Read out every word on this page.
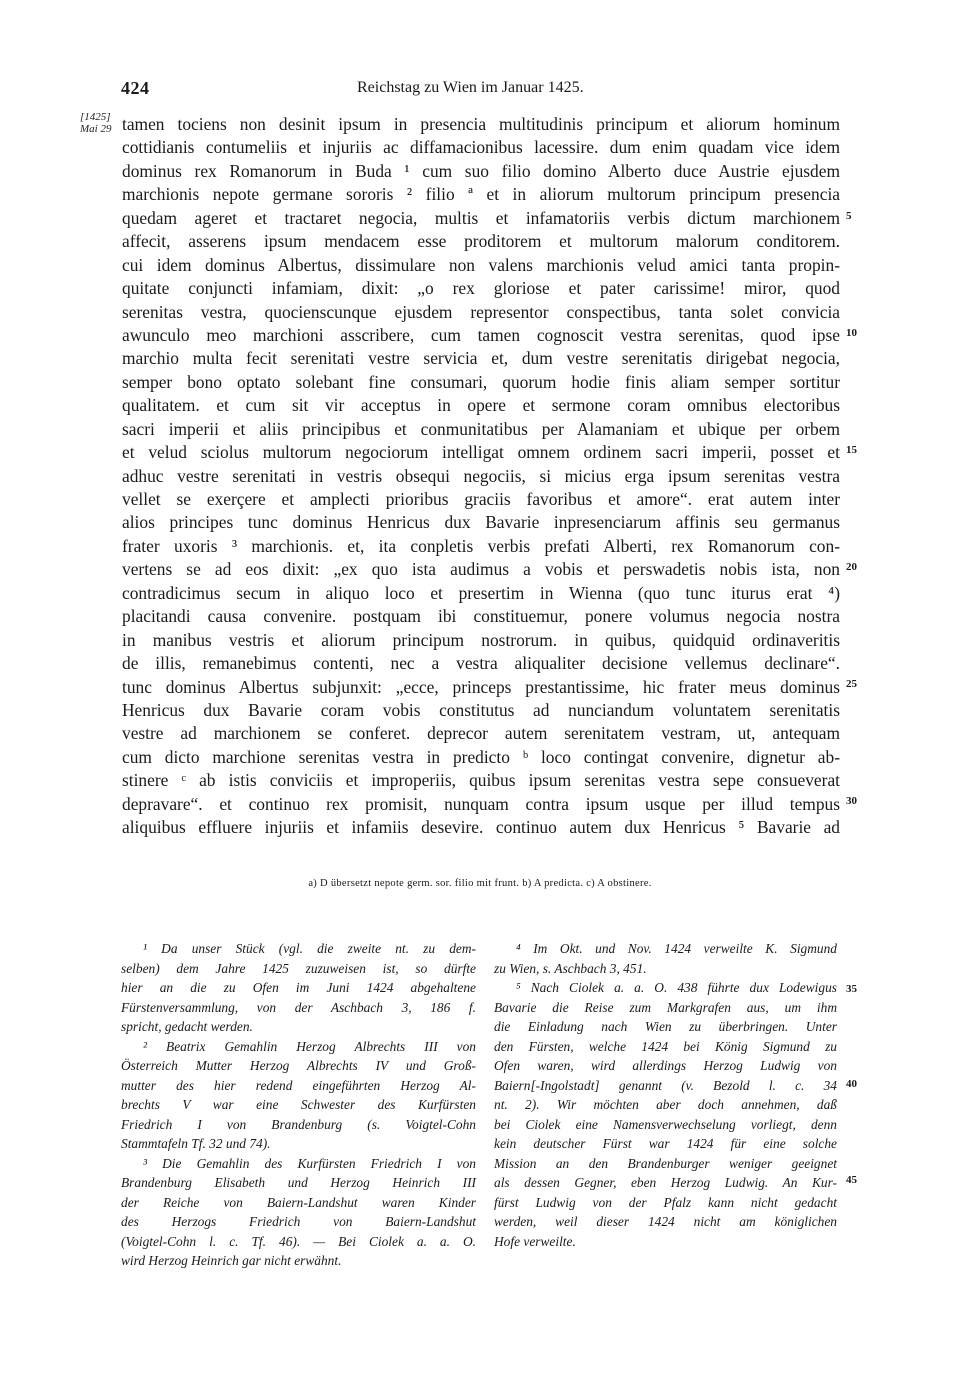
424	Reichstag zu Wien im Januar 1425.
[1425]
Mai 29 tamen tociens non desinit ipsum in presencia multitudinis principum et aliorum hominum
cottidianis contumeliis et injuriis ac diffamacionibus lacessire. dum enim quadam vice idem
dominus rex Romanorum in Buda ¹ cum suo filio domino Alberto duce Austrie ejusdem
marchionis nepote germane sororis ² filio ª et in aliorum multorum principum presencia
quedam ageret et tractaret negocia, multis et infamatoriis verbis dictum marchionem
affecit, asserens ipsum mendacem esse proditorem et multorum malorum conditorem.
cui idem dominus Albertus, dissimulare non valens marchionis velud amici tanta propin-
quitate conjuncti infamiam, dixit: „o rex gloriose et pater carissime! miror, quod
serenitas vestra, quocienscunque ejusdem representor conspectibus, tanta solet convicia
awunculo meo marchioni asscribere, cum tamen cognoscit vestra serenitas, quod ipse
marchio multa fecit serenitati vestre servicia et, dum vestre serenitatis dirigebat negocia,
semper bono optato solebant fine consumari, quorum hodie finis aliam semper sortitur
qualitatem. et cum sit vir acceptus in opere et sermone coram omnibus electoribus
sacri imperii et aliis principibus et conmunitatibus per Alamaniam et ubique per orbem
et velud sciolus multorum negociorum intelligat omnem ordinem sacri imperii, posset et
adhuc vestre serenitati in vestris obsequi negociis, si micius erga ipsum serenitas vestra
vellet se exerçere et amplecti prioribus graciis favoribus et amore“. erat autem inter
alios principes tunc dominus Henricus dux Bavarie inpresenciarum affinis seu germanus
frater uxoris ³ marchionis. et, ita conpletis verbis prefati Alberti, rex Romanorum con-
vertens se ad eos dixit: „ex quo ista audimus a vobis et perswadetis nobis ista, non
contradicimus secum in aliquo loco et presertim in Wienna (quo tunc iturus erat ⁴)
placitandi causa convenire. postquam ibi constituemur, ponere volumus negocia nostra
in manibus vestris et aliorum principum nostrorum. in quibus, quidquid ordinaveritis
de illis, remanebimus contenti, nec a vestra aliqualiter decisione vellemus declinare“.
tunc dominus Albertus subjunxit: „ecce, princeps prestantissime, hic frater meus dominus
Henricus dux Bavarie coram vobis constitutus ad nunciandum voluntatem serenitatis
vestre ad marchionem se conferet. deprecor autem serenitatem vestram, ut, antequam
cum dicto marchione serenitas vestra in predicto ᵇ loco contingat convenire, dignetur ab-
stinere ᶜ ab istis conviciis et improperiis, quibus ipsum serenitas vestra sepe consueverat
depravare“. et continuo rex promisit, nunquam contra ipsum usque per illud tempus
aliquibus effluere injuriis et infamiis desevire. continuo autem dux Henricus ⁵ Bavarie ad
5
10
15
20
25
30
a) D übersetzt nepote germ. sor. filio mit frunt. b) A predicta. c) A obstinere.
¹ Da unser Stück (vgl. die zweite nt. zu dem-
selben) dem Jahre 1425 zuzuweisen ist, so dürfte
hier an die zu Ofen im Juni 1424 abgehaltene
Fürstenversammlung, von der Aschbach 3, 186 f.
spricht, gedacht werden.
² Beatrix Gemahlin Herzog Albrechts III von
Österreich Mutter Herzog Albrechts IV und Groß-
mutter des hier redend eingeführten Herzog Al-
brechts V war eine Schwester des Kurfürsten
Friedrich I von Brandenburg (s. Voigtel-Cohn
Stammtafeln Tf. 32 und 74).
³ Die Gemahlin des Kurfürsten Friedrich I von
Brandenburg Elisabeth und Herzog Heinrich III
der Reiche von Baiern-Landshut waren Kinder
des Herzogs Friedrich von Baiern-Landshut
(Voigtel-Cohn l. c. Tf. 46). — Bei Ciolek a. a. O.
wird Herzog Heinrich gar nicht erwähnt.
⁴ Im Okt. und Nov. 1424 verweilte K. Sigmund
zu Wien, s. Aschbach 3, 451.
⁵ Nach Ciolek a. a. O. 438 führte dux Lodewigus
Bavarie die Reise zum Markgrafen aus, um ihm
die Einladung nach Wien zu überbringen. Unter
den Fürsten, welche 1424 bei König Sigmund zu
Ofen waren, wird allerdings Herzog Ludwig von
Baiern[-Ingolstadt] genannt (v. Bezold l. c. 34
nt. 2). Wir möchten aber doch annehmen, daß
bei Ciolek eine Namensverwechselung vorliegt, denn
kein deutscher Fürst war 1424 für eine solche
Mission an den Brandenburger weniger geeignet
als dessen Gegner, eben Herzog Ludwig. An Kur-
fürst Ludwig von der Pfalz kann nicht gedacht
werden, weil dieser 1424 nicht am königlichen
Hofe verweilte.
35
40
45
